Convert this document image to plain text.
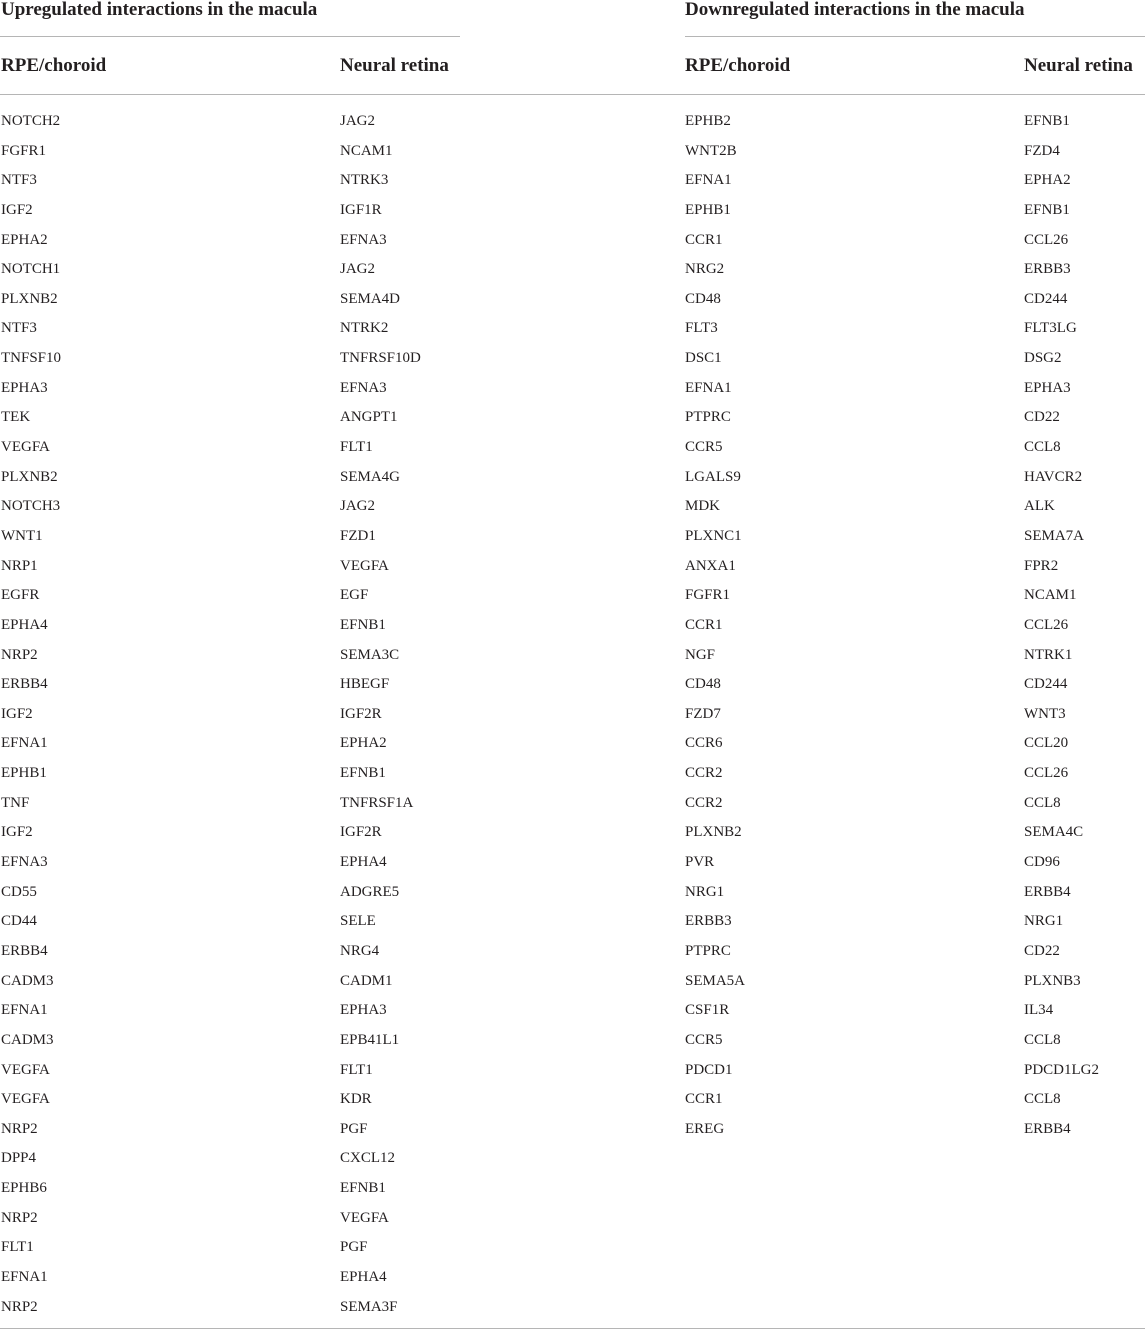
Upregulated interactions in the macula
RPE/choroid	Neural retina
NOTCH2
FGFR1
NTF3
IGF2
EPHA2
NOTCH1
PLXNB2
NTF3
TNFSF10
EPHA3
TEK
VEGFA
PLXNB2
NOTCH3
WNT1
NRP1
EGFR
EPHA4
NRP2
ERBB4
IGF2
EFNA1
EPHB1
TNF
IGF2
EFNA3
CD55
CD44
ERBB4
CADM3
EFNA1
CADM3
VEGFA
VEGFA
NRP2
DPP4
EPHB6
NRP2
FLT1
EFNA1
NRP2
JAG2
NCAM1
NTRK3
IGF1R
EFNA3
JAG2
SEMA4D
NTRK2
TNFRSF10D
EFNA3
ANGPT1
FLT1
SEMA4G
JAG2
FZD1
VEGFA
EGF
EFNB1
SEMA3C
HBEGF
IGF2R
EPHA2
EFNB1
TNFRSF1A
IGF2R
EPHA4
ADGRE5
SELE
NRG4
CADM1
EPHA3
EPB41L1
FLT1
KDR
PGF
CXCL12
EFNB1
VEGFA
PGF
EPHA4
SEMA3F
Downregulated interactions in the macula
RPE/choroid	Neural retina
EPHB2
WNT2B
EFNA1
EPHB1
CCR1
NRG2
CD48
FLT3
DSC1
EFNA1
PTPRC
CCR5
LGALS9
MDK
PLXNC1
ANXA1
FGFR1
CCR1
NGF
CD48
FZD7
CCR6
CCR2
CCR2
PLXNB2
PVR
NRG1
ERBB3
PTPRC
SEMA5A
CSF1R
CCR5
PDCD1
CCR1
EREG
EFNB1
FZD4
EPHA2
EFNB1
CCL26
ERBB3
CD244
FLT3LG
DSG2
EPHA3
CD22
CCL8
HAVCR2
ALK
SEMA7A
FPR2
NCAM1
CCL26
NTRK1
CD244
WNT3
CCL20
CCL26
CCL8
SEMA4C
CD96
ERBB4
NRG1
CD22
PLXNB3
IL34
CCL8
PDCD1LG2
CCL8
ERBB4
